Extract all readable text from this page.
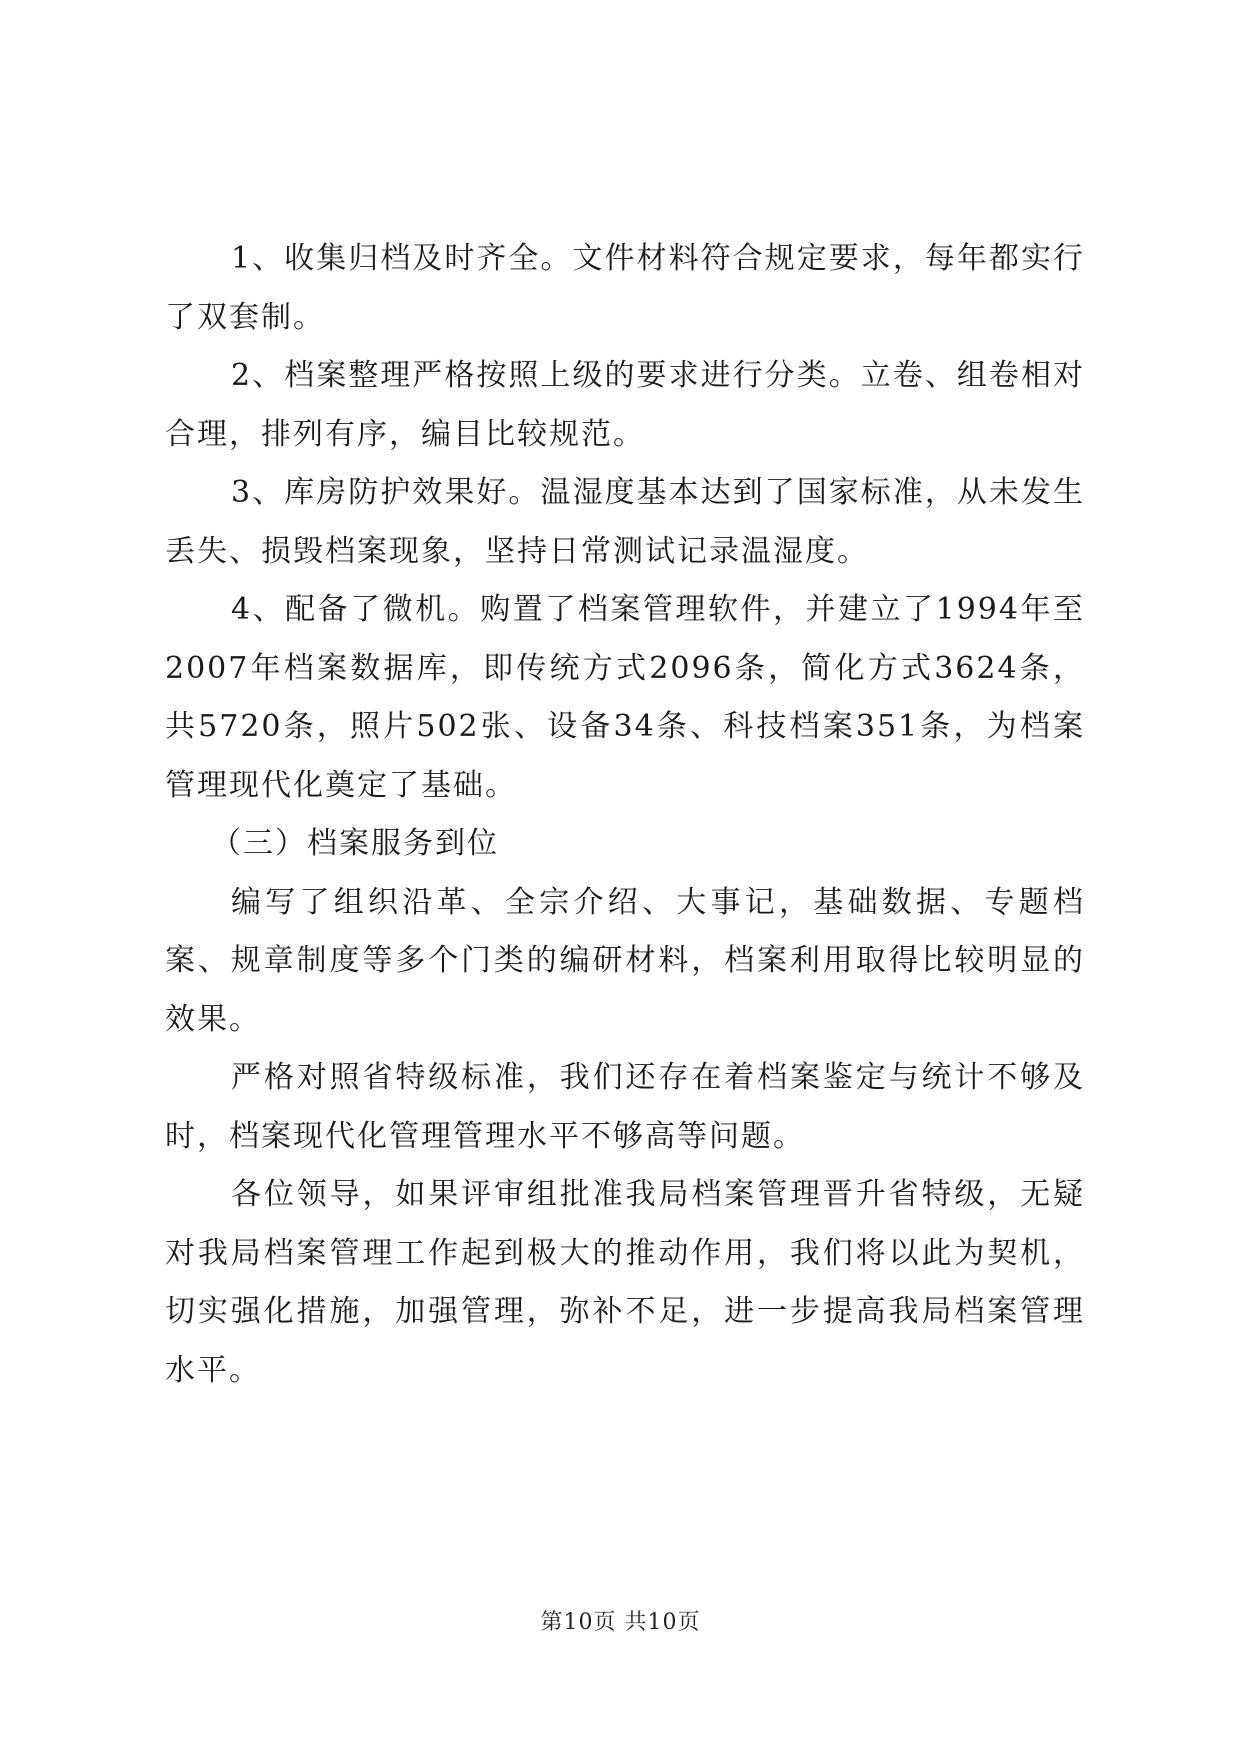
1、收集归档及时齐全。文件材料符合规定要求，每年都实行了双套制。

2、档案整理严格按照上级的要求进行分类。立卷、组卷相对合理，排列有序，编目比较规范。

3、库房防护效果好。温湿度基本达到了国家标准，从未发生丢失、损毁档案现象，坚持日常测试记录温湿度。

4、配备了微机。购置了档案管理软件，并建立了1994年至2007年档案数据库，即传统方式2096条，简化方式3624条，共5720条，照片502张、设备34条、科技档案351条，为档案管理现代化奠定了基础。

（三）档案服务到位

编写了组织沿革、全宗介绍、大事记，基础数据、专题档案、规章制度等多个门类的编研材料，档案利用取得比较明显的效果。

严格对照省特级标准，我们还存在着档案鉴定与统计不够及时，档案现代化管理管理水平不够高等问题。

各位领导，如果评审组批准我局档案管理晋升省特级，无疑对我局档案管理工作起到极大的推动作用，我们将以此为契机，切实强化措施，加强管理，弥补不足，进一步提高我局档案管理水平。

第10页 共10页
